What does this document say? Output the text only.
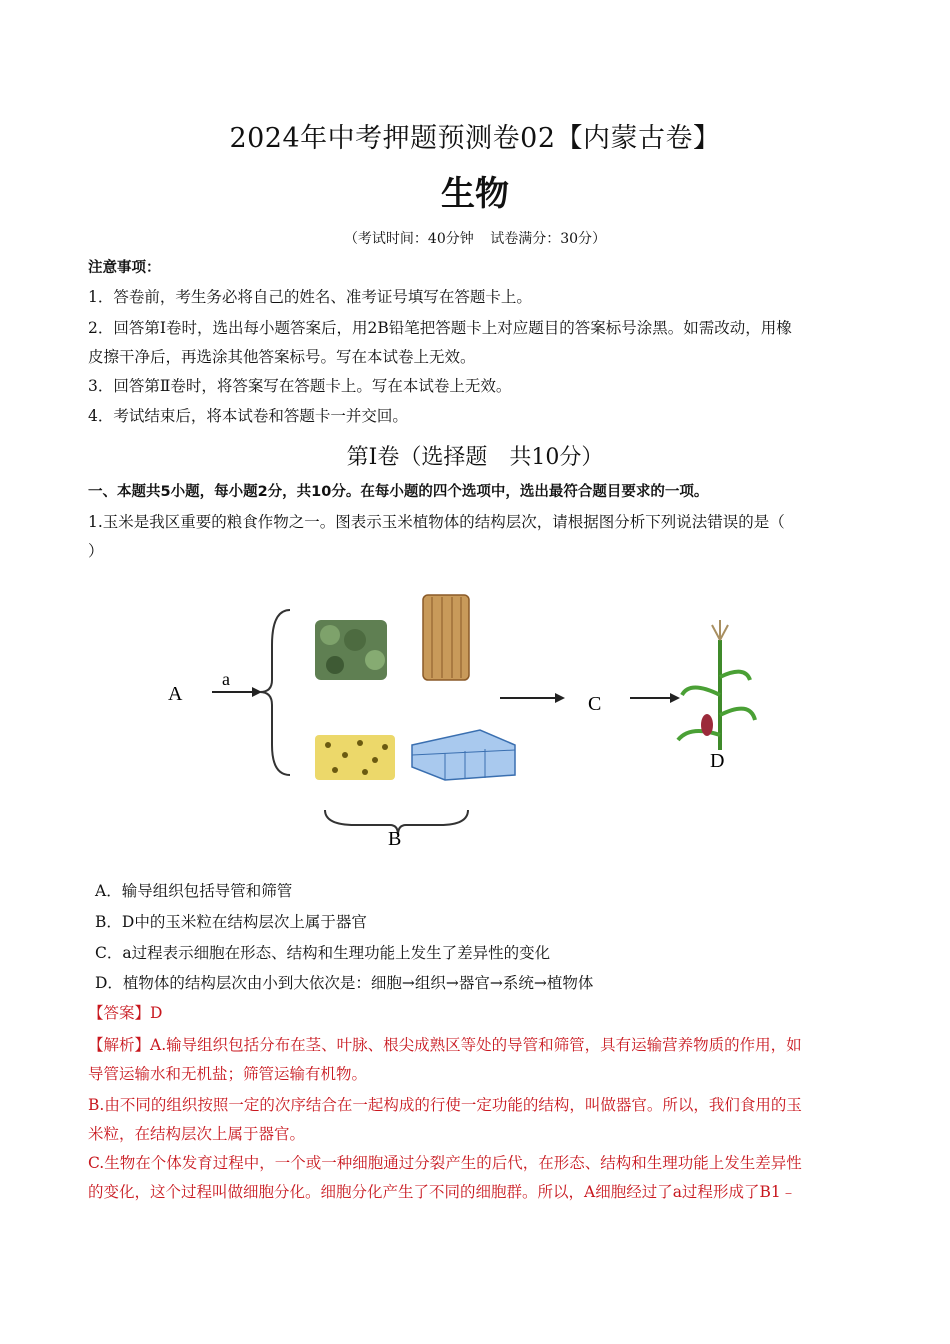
2024年中考押题预测卷02【内蒙古卷】
生物
（考试时间：40分钟 试卷满分：30分）
注意事项：
1．答卷前，考生务必将自己的姓名、准考证号填写在答题卡上。
2．回答第Ⅰ卷时，选出每小题答案后，用2B铅笔把答题卡上对应题目的答案标号涂黑。如需改动，用橡
皮擦干净后，再选涂其他答案标号。写在本试卷上无效。
3．回答第Ⅱ卷时，将答案写在答题卡上。写在本试卷上无效。
4．考试结束后，将本试卷和答题卡一并交回。
第Ⅰ卷（选择题　共10分）
一、本题共5小题，每小题2分，共10分。在每小题的四个选项中，选出最符合题目要求的一项。
1.玉米是我区重要的粮食作物之一。图表示玉米植物体的结构层次，请根据图分析下列说法错误的是（
）
A
a
B
C
D
A．输导组织包括导管和筛管
B．D中的玉米粒在结构层次上属于器官
C．a过程表示细胞在形态、结构和生理功能上发生了差异性的变化
D．植物体的结构层次由小到大依次是：细胞→组织→器官→系统→植物体
【答案】D
【解析】A.输导组织包括分布在茎、叶脉、根尖成熟区等处的导管和筛管，具有运输营养物质的作用，如
导管运输水和无机盐；筛管运输有机物。
B.由不同的组织按照一定的次序结合在一起构成的行使一定功能的结构，叫做器官。所以，我们食用的玉
米粒，在结构层次上属于器官。
C.生物在个体发育过程中，一个或一种细胞通过分裂产生的后代，在形态、结构和生理功能上发生差异性
的变化，这个过程叫做细胞分化。细胞分化产生了不同的细胞群。所以，A细胞经过了a过程形成了B1﹣
